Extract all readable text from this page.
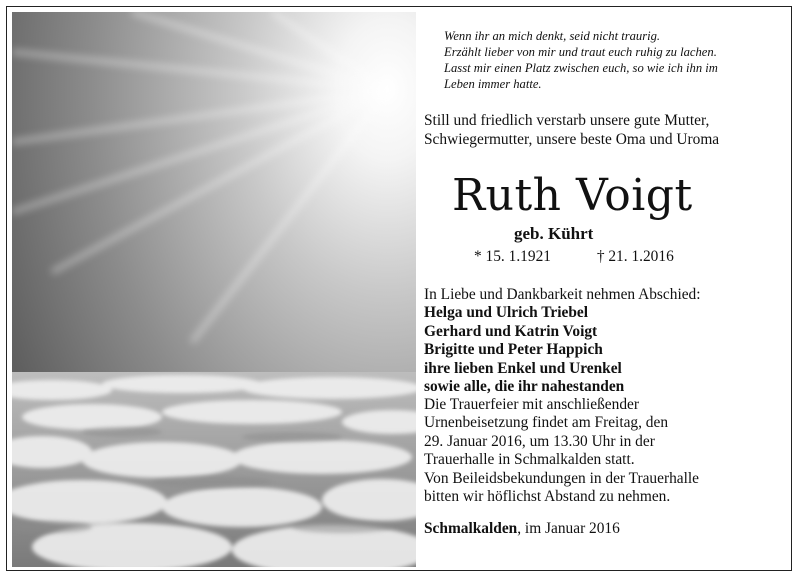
Wenn ihr an mich denkt, seid nicht traurig.
Erzählt lieber von mir und traut euch ruhig zu lachen.
Lasst mir einen Platz zwischen euch, so wie ich ihn im
Leben immer hatte.
Still und friedlich verstarb unsere gute Mutter,
Schwiegermutter, unsere beste Oma und Uroma
Ruth Voigt
geb. Kührt
* 15. 1.1921	† 21. 1.2016
In Liebe und Dankbarkeit nehmen Abschied:
Helga und Ulrich Triebel
Gerhard und Katrin Voigt
Brigitte und Peter Happich
ihre lieben Enkel und Urenkel
sowie alle, die ihr nahestanden
Die Trauerfeier mit anschließender
Urnenbeisetzung findet am Freitag, den
29. Januar 2016, um 13.30 Uhr in der
Trauerhalle in Schmalkalden statt.
Von Beileidsbekundungen in der Trauerhalle
bitten wir höflichst Abstand zu nehmen.
Schmalkalden, im Januar 2016
